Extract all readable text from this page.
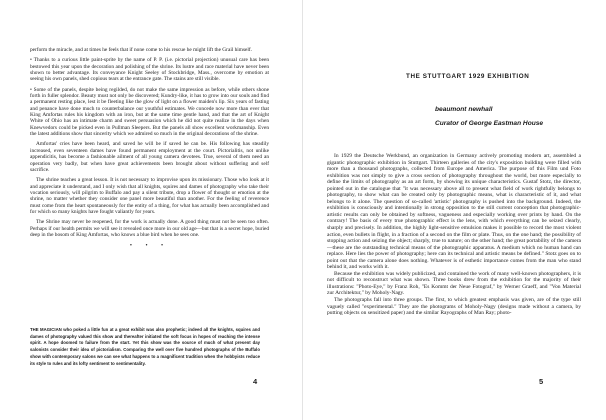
perform the miracle, and at times he feels that if none come to his rescue he might lift the Grail himself.

• Thanks to a curious little paint-sprite by the name of P. P. (i.e. pictorial projection) unusual care has been bestowed this year upon the decoration and polishing of the shrine. Its lustre and race material have never been shown to better advantage. Its conveyance Knight Seeley of Stockbridge, Mass., overcome by emotion at seeing his own panels, shed copious tears at the entrance gate. The stains are still visible.

• Some of the panels, despite being regilded, do not make the same impression as before, while others shone forth in fuller splendor. Beauty must not only be discovered; Kundry-like, it has to grow into our souls and find a permanent resting place, lest it be fleeting like the glow of light on a flower maiden's lip. Six years of fasting and penance have done much to counterbalance our youthful estimates. We concede now more than ever that King Amfortas rules his kingdom with an iron, but at the same time gentle hand, and that the art of Knight White of Ohio has an intimate charm and sweet persuasion which he did not quite realize in the days when Knewvedors could be picked even in Pullman Sleepers. But the panels all show excellent workmanship. Even the latest additions show that sincerity which we admired so much in the original decorations of the shrine.

Amfortas' cries have been heard, and saved he will be if saved he can be. His following has steadily increased, even seventeen dames have found permanent employment at the court. Pictorialitis, not unlike appendicitis, has become a fashionable ailment of all young camera devotees. True, several of them need an operation very badly, but when have great achievements been brought about without suffering and self sacrifice.

The shrine teaches a great lesson. It is not necessary to improvise upon its missionary. Those who look at it and appreciate it understand, and I only wish that all knights, squires and dames of photography who take their vocation seriously, will pilgrim to Buffalo and pay a silent tribute, drop a flower of thought or emotion at the shrine, no matter whether they consider one panel more beautiful than another. For the feeling of reverence must come from the heart spontaneously for the entity of a thing, for what has actually been accomplished and for which so many knights have fought valiantly for years.

The Shrine may never be reopened, for the work is actually done. A good thing must not be seen too often. Perhaps if our health permits we will see it revealed once more in our old age—but that is a secret hope, buried deep in the bosom of King Amfortas, who knows a blue bird when he sees one.

• • •

THE MAGICIAN who poked a little fun at a great exhibit was also prophetic; indeed all the knights, squires and dames of photography valued this show and thereafter initiated the soft focus in hopes of reaching the intense spirit. A hope doomed to failure from the start. Yet this show was the source of much of what present day salonists consider their idea of pictorialism. Comparing the well over five hundred photographs of the Buffalo show with contemporary salons we can see what happens to a magnificent tradition when the hobbyists reduce its style to rules and its lofty sentiment to sentimentality.

4
THE STUTTGART 1929 EXHIBITION

beaumont newhall

Curator of George Eastman House

In 1929 the Deutsche Werkbund, an organization in Germany actively promoting modern art, assembled a gigantic photographic exhibition in Stuttgart. Thirteen galleries of the city's exposition building were filled with more than a thousand photographs, collected from Europe and America. The purpose of this Film und Foto exhibition was not simply to give a cross section of photography throughout the world, but more especially to define the limits of photography as an art form, by showing its unique characteristics. Gustaf Stotz, the director, pointed out in the catalogue that "it was necessary above all to present what field of work rightfully belongs to photography, to show what can be created only by photographic means, what is characteristic of it, and what belongs to it alone. The question of so-called 'artistic' photography is pushed into the background. Indeed, the exhibition is consciously and intentionally in strong opposition to the still current conception that photographic-artistic results can only be obtained by softness, vagueness and especially working over prints by hand. On the contrary! The basis of every true photographic effect is the lens, with which everything can be seized clearly, sharply and precisely. In addition, the highly light-sensitive emulsion makes it possible to record the most violent action, even bullets in flight, in a fraction of a second on the film or plate. Thus, on the one hand; the possibility of stopping action and seizing the object; sharply, true to nature; on the other hand; the great portability of the camera—these are the outstanding technical means of the photographic apparatus. A medium which no human hand can replace. Here lies the power of photography; here can its technical and artistic means be defined." Stotz goes on to point out that the camera alone does nothing. Whatever is of esthetic importance comes from the man who stand behind it, and works with it.

Because the exhibition was widely publicized, and contained the work of many well-known photographers, it is not difficult to reconstruct what was shown. Three books drew from the exhibition for the majority of their illustrations: "Photo-Eye," by Franz Roh, "Es Kommt der Neue Fotograf," by Werner Graeff, and "Von Material zur Architektur," by Moholy-Nagy.

The photographs fall into three groups. The first, to which greatest emphasis was given, are of the type still vaguely called "experimental." They are the photograms of Moholy-Nagy (designs made without a camera, by putting objects on sensitized paper) and the similar Rayographs of Man Ray; photo-

5
